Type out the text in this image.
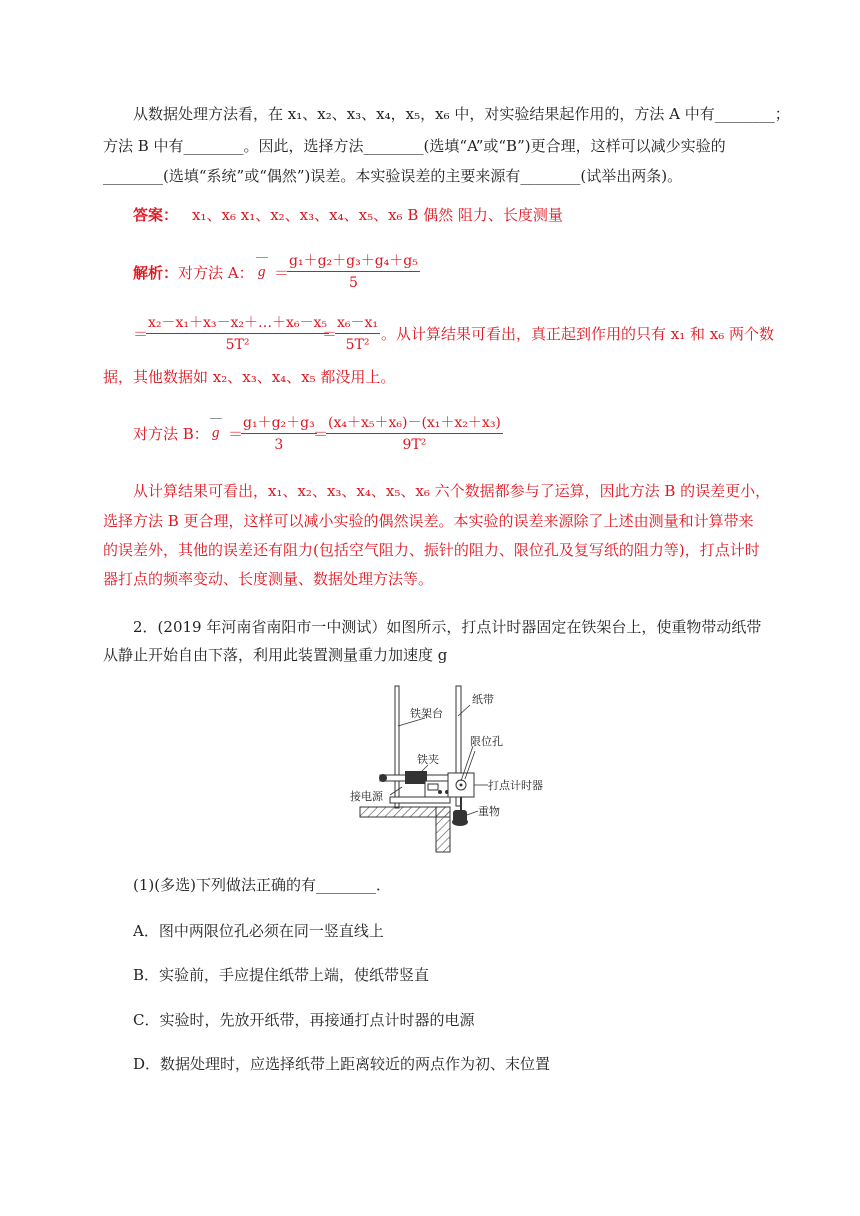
从数据处理方法看，在 x₁、x₂、x₃、x₄，x₅，x₆ 中，对实验结果起作用的，方法 A 中有________；
方法 B 中有________。因此，选择方法________(选填“A”或“B”)更合理，这样可以减少实验的
________(选填“系统”或“偶然”)误差。本实验误差的主要来源有________(试举出两条)。
答案： x₁、x₆ x₁、x₂、x₃、x₄、x₅、x₆ B 偶然 阻力、长度测量
解析：对方法 A： g ＝
$\frac{\text{g₁＋g₂＋g₃＋g₄＋g₅}}{5}$
＝
$\frac{\text{x₂－x₁＋x₃－x₂＋…＋x₆－x₅}}{\text{5T²}}$
＝
$\frac{\text{x₆－x₁}}{\text{5T²}}$ 。从计算结果可看出，真正起到作用的只有 x₁ 和 x₆ 两个数
据，其他数据如 x₂、x₃、x₄、x₅ 都没用上。
对方法 B： g ＝
$\frac{\text{g₁＋g₂＋g₃}}{3}$
＝
$\frac{\text{(x₄＋x₅＋x₆)－(x₁＋x₂＋x₃)}}{\text{9T²}}$
从计算结果可看出，x₁、x₂、x₃、x₄、x₅、x₆ 六个数据都参与了运算，因此方法 B 的误差更小，
选择方法 B 更合理，这样可以减小实验的偶然误差。本实验的误差来源除了上述由测量和计算带来
的误差外，其他的误差还有阻力(包括空气阻力、振针的阻力、限位孔及复写纸的阻力等)，打点计时
器打点的频率变动、长度测量、数据处理方法等。
2．(2019 年河南省南阳市一中测试）如图所示，打点计时器固定在铁架台上，使重物带动纸带
从静止开始自由下落，利用此装置测量重力加速度 g
铁架台
纸带
限位孔
铁夹
打点计时器
接电源
重物
(1)(多选)下列做法正确的有________．
A．图中两限位孔必须在同一竖直线上
B．实验前，手应提住纸带上端，使纸带竖直
C．实验时，先放开纸带，再接通打点计时器的电源
D．数据处理时，应选择纸带上距离较近的两点作为初、末位置
